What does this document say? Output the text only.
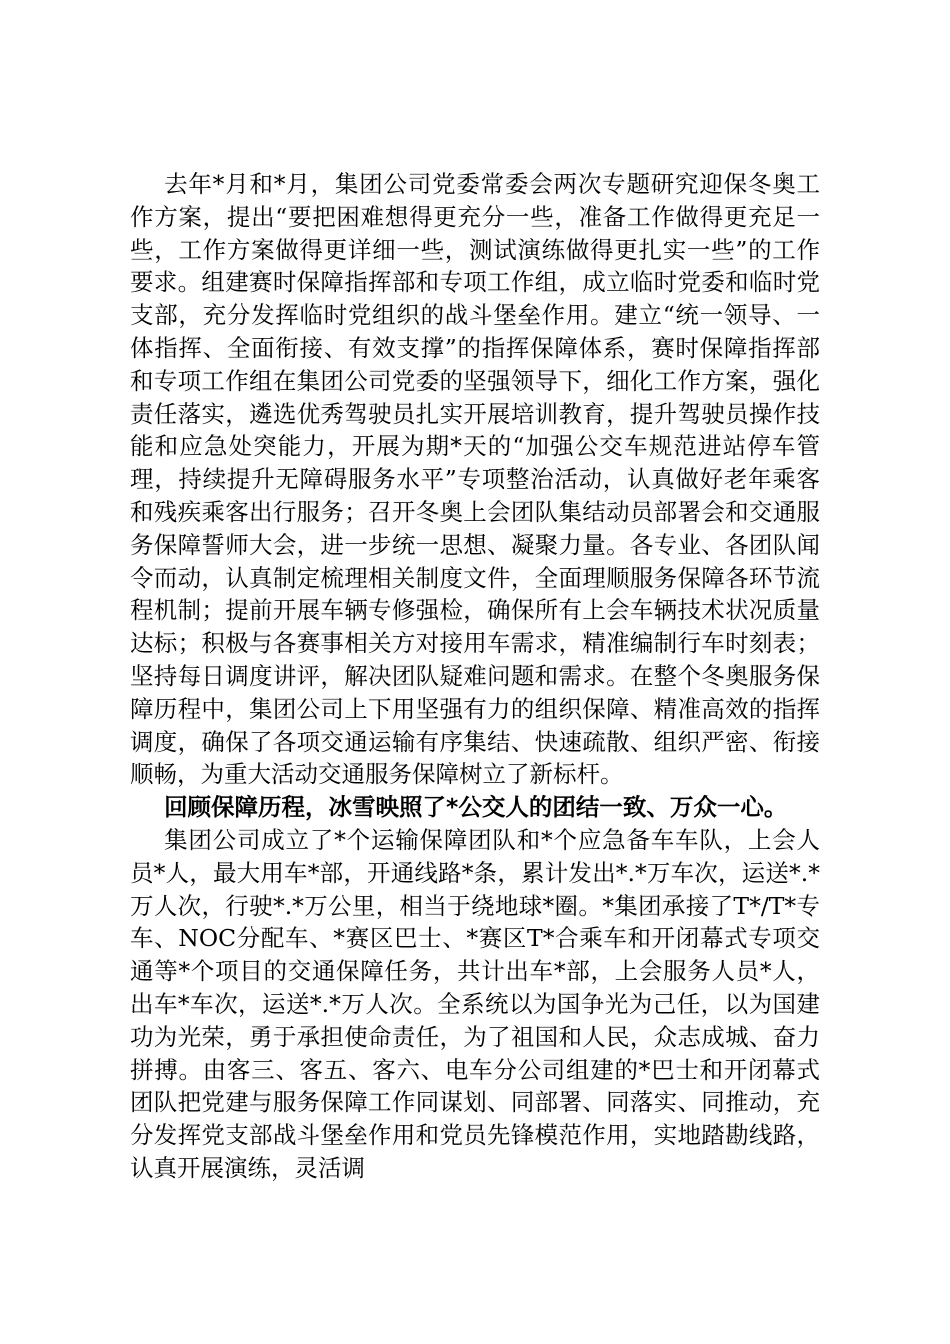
去年*月和*月，集团公司党委常委会两次专题研究迎保冬奥工作方案，提出“要把困难想得更充分一些，准备工作做得更充足一些，工作方案做得更详细一些，测试演练做得更扎实一些”的工作要求。组建赛时保障指挥部和专项工作组，成立临时党委和临时党支部，充分发挥临时党组织的战斗堡垒作用。建立“统一领导、一体指挥、全面衔接、有效支撑”的指挥保障体系，赛时保障指挥部和专项工作组在集团公司党委的坚强领导下，细化工作方案，强化责任落实，遴选优秀驾驶员扎实开展培训教育，提升驾驶员操作技能和应急处突能力，开展为期*天的“加强公交车规范进站停车管理，持续提升无障碍服务水平”专项整治活动，认真做好老年乘客和残疾乘客出行服务；召开冬奥上会团队集结动员部署会和交通服务保障誓师大会，进一步统一思想、凝聚力量。各专业、各团队闻令而动，认真制定梳理相关制度文件，全面理顺服务保障各环节流程机制；提前开展车辆专修强检，确保所有上会车辆技术状况质量达标；积极与各赛事相关方对接用车需求，精准编制行车时刻表；坚持每日调度讲评，解决团队疑难问题和需求。在整个冬奥服务保障历程中，集团公司上下用坚强有力的组织保障、精准高效的指挥调度，确保了各项交通运输有序集结、快速疏散、组织严密、衔接顺畅，为重大活动交通服务保障树立了新标杆。

回顾保障历程，冰雪映照了*公交人的团结一致、万众一心。

集团公司成立了*个运输保障团队和*个应急备车车队，上会人员*人，最大用车*部，开通线路*条，累计发出*.*万车次，运送*.*万人次，行驶*.*万公里，相当于绕地球*圈。*集团承接了T*/T*专车、NOC分配车、*赛区巴士、*赛区T*合乘车和开闭幕式专项交通等*个项目的交通保障任务，共计出车*部，上会服务人员*人，出车*车次，运送*.*万人次。全系统以为国争光为己任，以为国建功为光荣，勇于承担使命责任，为了祖国和人民，众志成城、奋力拼搏。由客三、客五、客六、电车分公司组建的*巴士和开闭幕式团队把党建与服务保障工作同谋划、同部署、同落实、同推动，充分发挥党支部战斗堡垒作用和党员先锋模范作用，实地踏勘线路，认真开展演练，灵活调
